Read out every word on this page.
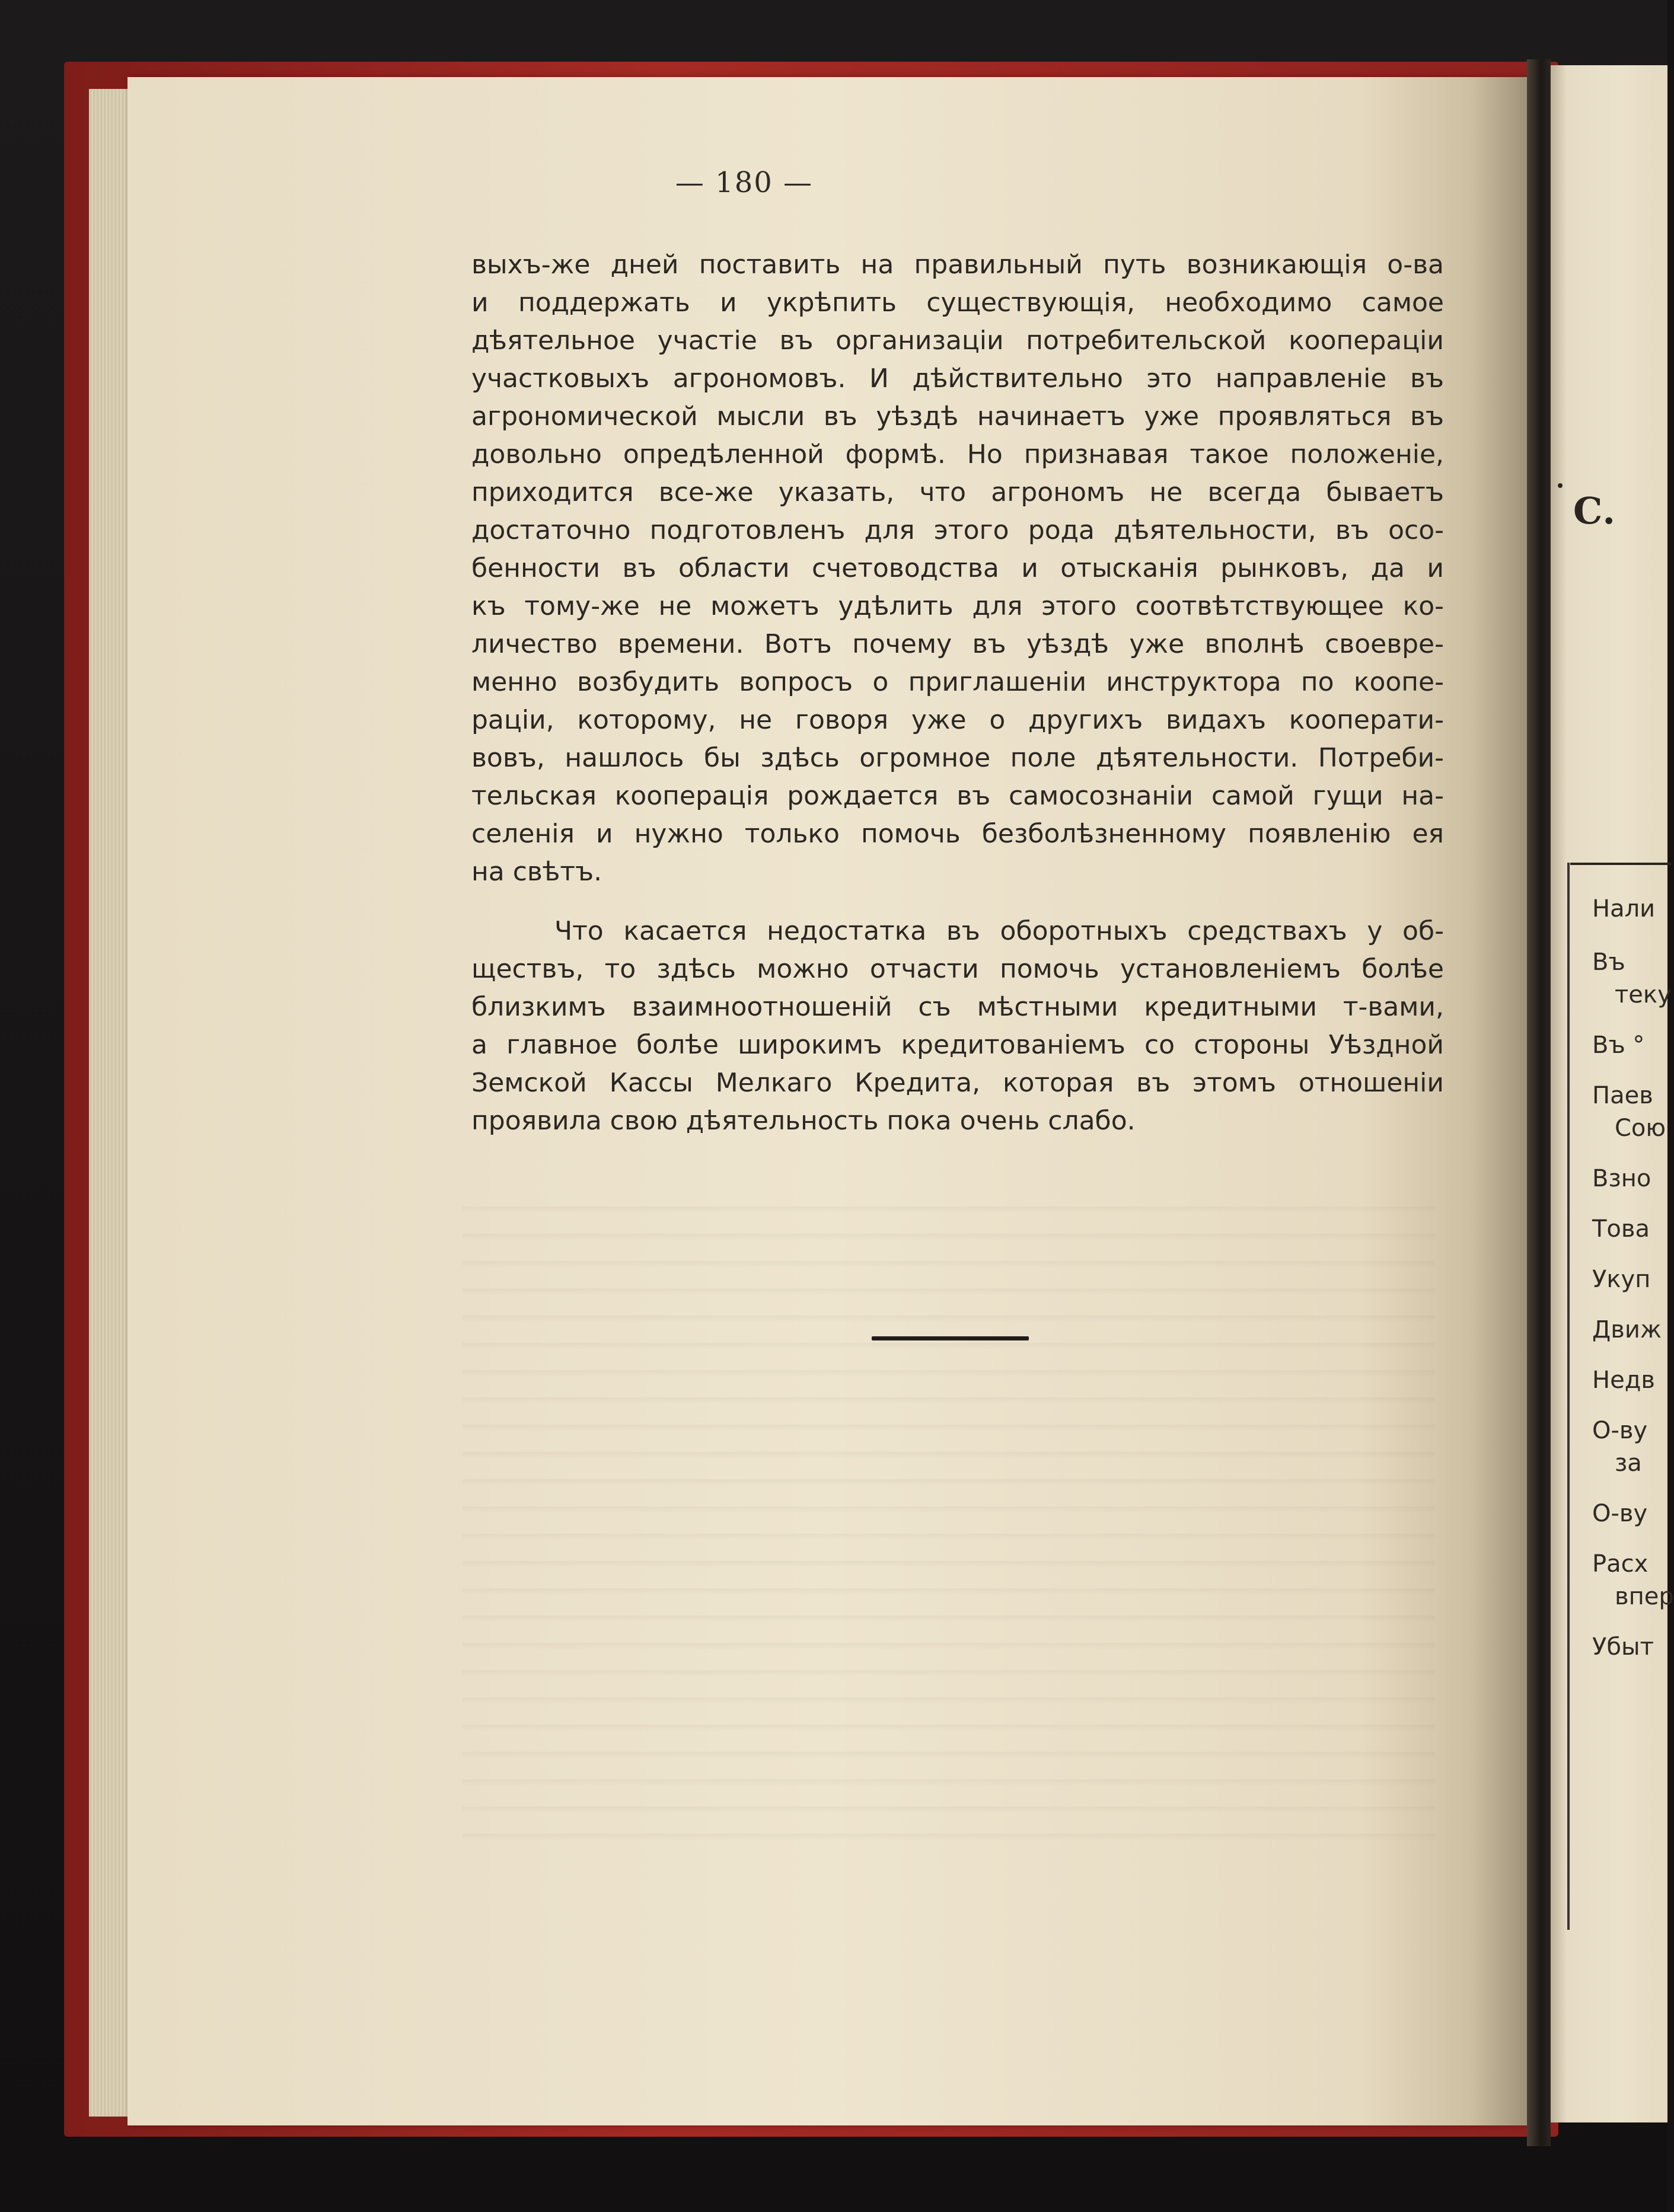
— 180 —
выхъ-же дней поставить на правильный путь возникающія о-ва
и поддержать и укрѣпить существующія, необходимо самое
дѣятельное участіе въ организаціи потребительской коопераціи
участковыхъ агрономовъ. И дѣйствительно это направленіе въ
агрономической мысли въ уѣздѣ начинаетъ уже проявляться въ
довольно опредѣленной формѣ. Но признавая такое положеніе,
приходится все-же указать, что агрономъ не всегда бываетъ
достаточно подготовленъ для этого рода дѣятельности, въ осо-
бенности въ области счетоводства и отысканія рынковъ, да и
къ тому-же не можетъ удѣлить для этого соотвѣтствующее ко-
личество времени. Вотъ почему въ уѣздѣ уже вполнѣ своевре-
менно возбудить вопросъ о приглашеніи инструктора по коопе-
раціи, которому, не говоря уже о другихъ видахъ кооперати-
вовъ, нашлось бы здѣсь огромное поле дѣятельности. Потреби-
тельская кооперація рождается въ самосознаніи самой гущи на-
селенія и нужно только помочь безболѣзненному появленію ея
на свѣтъ.
Что касается недостатка въ оборотныхъ средствахъ у об-
ществъ, то здѣсь можно отчасти помочь установленіемъ болѣе
близкимъ взаимноотношеній съ мѣстными кредитными т-вами,
а главное болѣе широкимъ кредитованіемъ со стороны Уѣздной
Земской Кассы Мелкаго Кредита, которая въ этомъ отношеніи
проявила свою дѣятельность пока очень слабо.
С.
Нали
Въ
теку
Въ °
Паев
Сою
Взно
Това
Укуп
Движ
Недв
О-ву
за
О-ву
Расх
впер
Убыт
